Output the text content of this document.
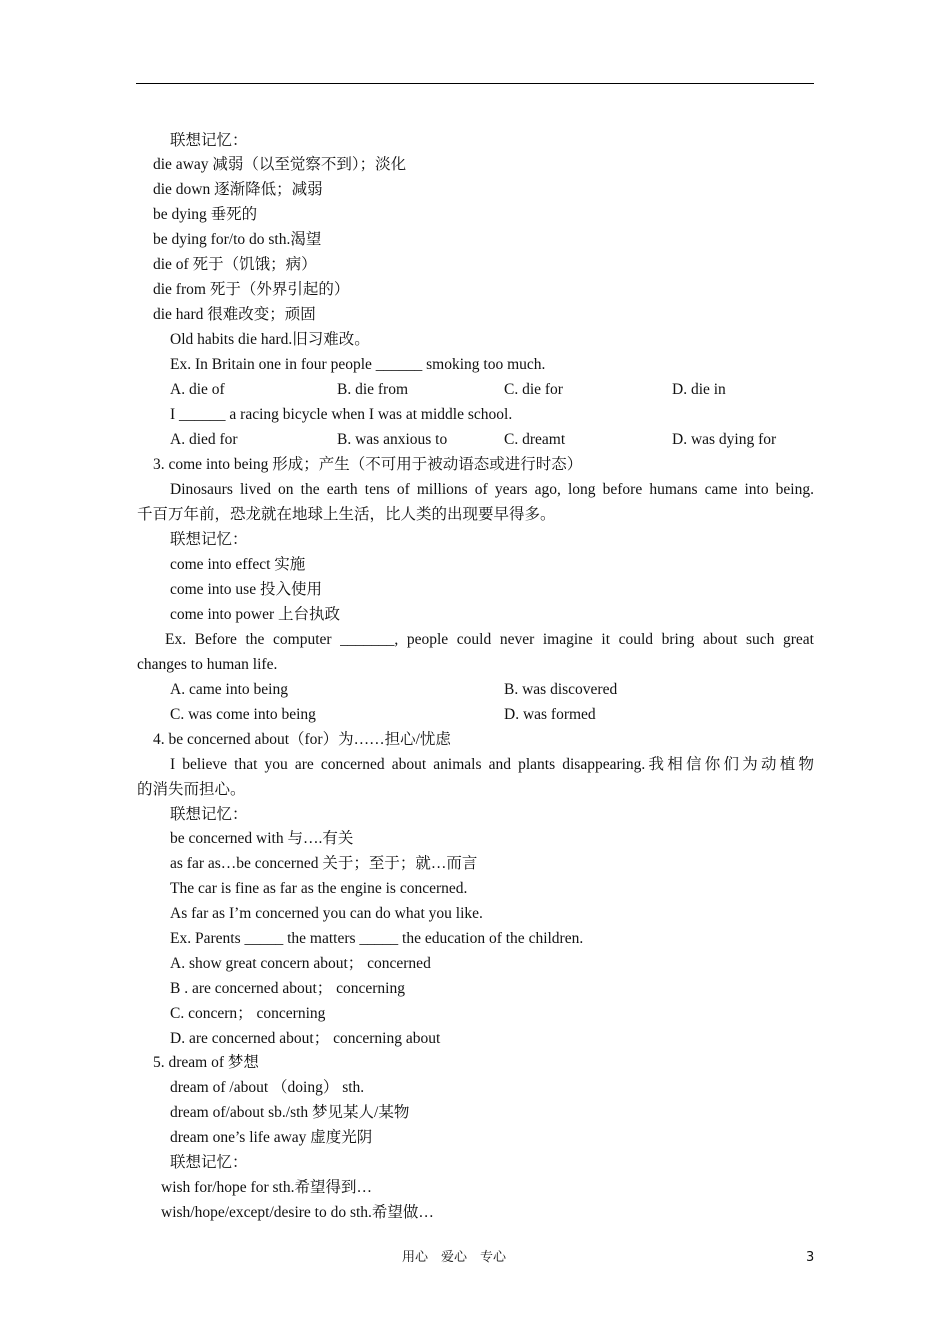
联想记忆：
die away 减弱（以至觉察不到）；淡化
die down 逐渐降低；减弱
be dying 垂死的
be dying for/to do sth.渴望
die of 死于（饥饿；病）
die from 死于（外界引起的）
die hard 很难改变；顽固
Old habits die hard.旧习难改。
Ex. In Britain one in four people ______ smoking too much.
A. die of	B. die from	C. die for	D. die in
I ______ a racing bicycle when I was at middle school.
A. died for	B. was anxious to	C. dreamt	D. was dying for
3. come into being 形成；产生（不可用于被动语态或进行时态）
Dinosaurs lived on the earth tens of millions of years ago, long before humans came into being.
千百万年前，恐龙就在地球上生活，比人类的出现要早得多。
联想记忆：
come into effect 实施
come into use 投入使用
come into power 上台执政
Ex. Before the computer _______, people could never imagine it could bring about such great
changes to human life.
A. came into being	B. was discovered
C. was come into being	D. was formed
4. be concerned about（for）为……担心/忧虑
I believe that you are concerned about animals and plants disappearing.我相信你们为动植物
的消失而担心。
联想记忆：
be concerned with 与….有关
as far as…be concerned 关于；至于；就…而言
The car is fine as far as the engine is concerned.
As far as I’m concerned you can do what you like.
Ex. Parents _____ the matters _____ the education of the children.
A. show great concern about； concerned
B . are concerned about； concerning
C. concern； concerning
D. are concerned about； concerning about
5. dream of 梦想
dream of /about （doing） sth.
dream of/about sb./sth 梦见某人/某物
dream one’s life away 虚度光阴
联想记忆：
wish for/hope for sth.希望得到…
wish/hope/except/desire to do sth.希望做…
用心　爱心　专心	3
